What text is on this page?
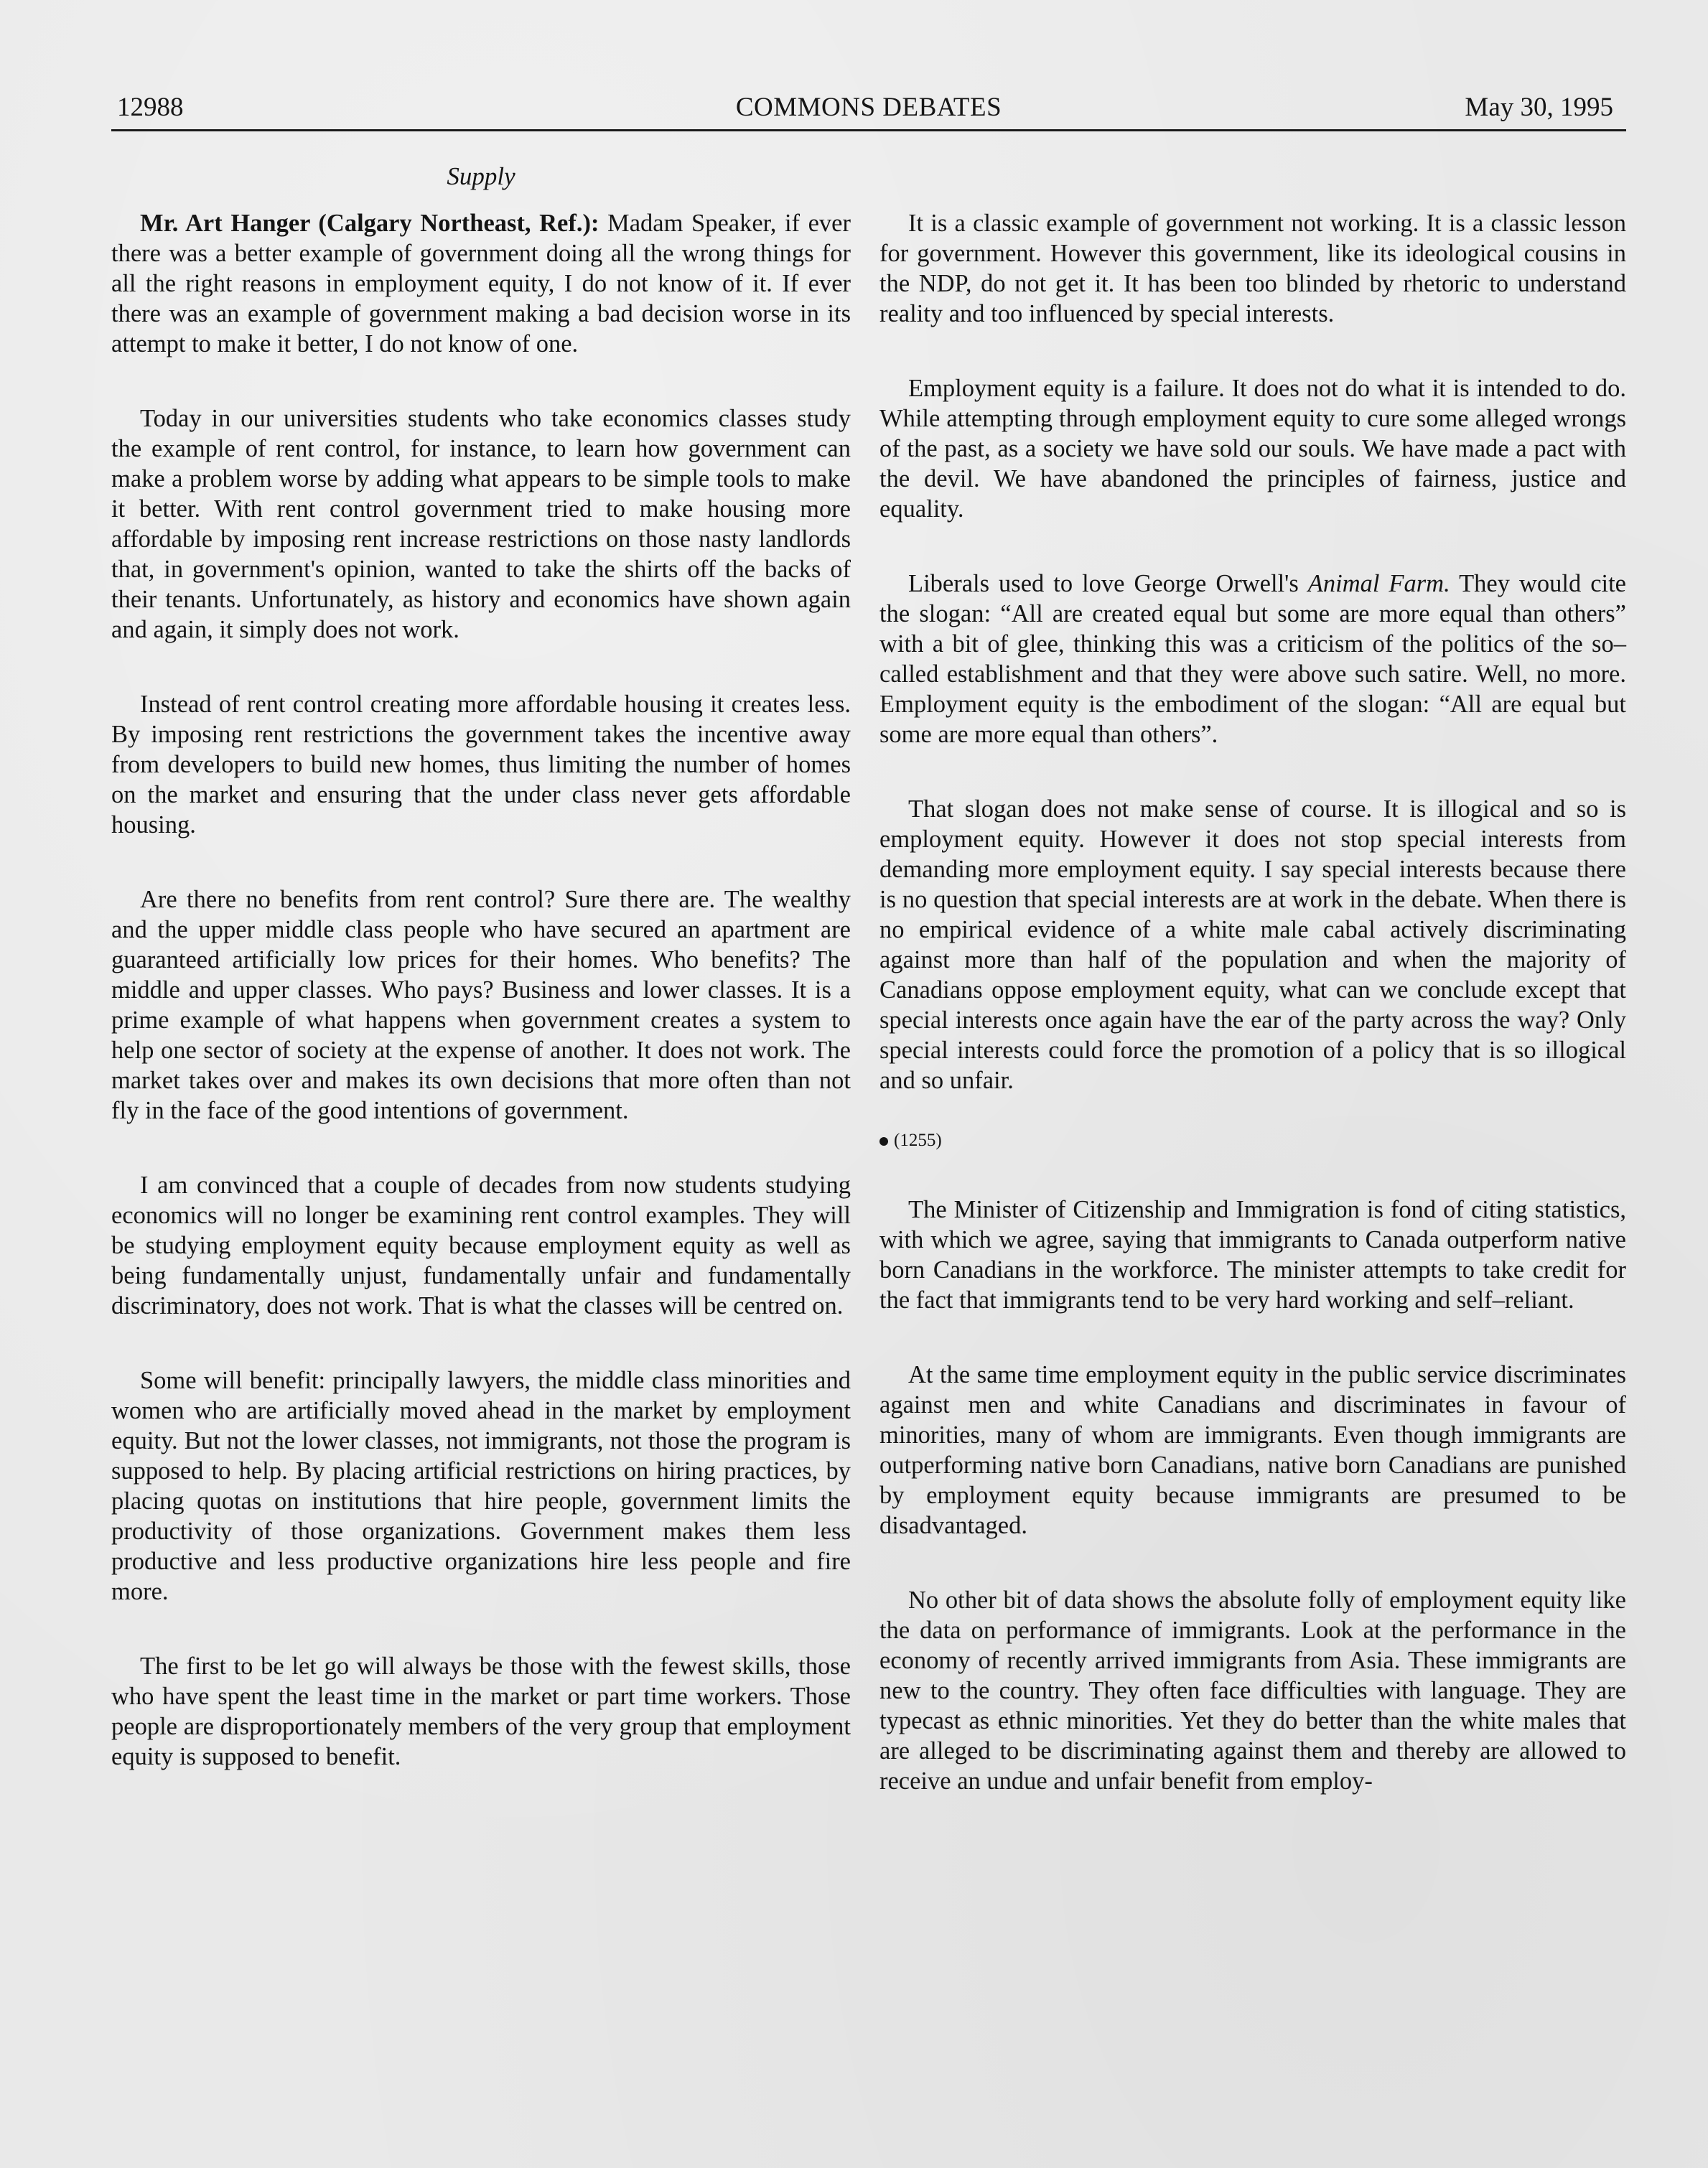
12988	COMMONS DEBATES	May 30, 1995
Supply

Mr. Art Hanger (Calgary Northeast, Ref.): Madam Speaker, if ever there was a better example of government doing all the wrong things for all the right reasons in employment equity, I do not know of it. If ever there was an example of government making a bad decision worse in its attempt to make it better, I do not know of one.

Today in our universities students who take economics classes study the example of rent control, for instance, to learn how government can make a problem worse by adding what appears to be simple tools to make it better. With rent control government tried to make housing more affordable by imposing rent increase restrictions on those nasty landlords that, in government's opinion, wanted to take the shirts off the backs of their tenants. Unfortunately, as history and economics have shown again and again, it simply does not work.

Instead of rent control creating more affordable housing it creates less. By imposing rent restrictions the government takes the incentive away from developers to build new homes, thus limiting the number of homes on the market and ensuring that the under class never gets affordable housing.

Are there no benefits from rent control? Sure there are. The wealthy and the upper middle class people who have secured an apartment are guaranteed artificially low prices for their homes. Who benefits? The middle and upper classes. Who pays? Business and lower classes. It is a prime example of what happens when government creates a system to help one sector of society at the expense of another. It does not work. The market takes over and makes its own decisions that more often than not fly in the face of the good intentions of government.

I am convinced that a couple of decades from now students studying economics will no longer be examining rent control examples. They will be studying employment equity because employment equity as well as being fundamentally unjust, fundamentally unfair and fundamentally discriminatory, does not work. That is what the classes will be centred on.

Some will benefit: principally lawyers, the middle class minorities and women who are artificially moved ahead in the market by employment equity. But not the lower classes, not immigrants, not those the program is supposed to help. By placing artificial restrictions on hiring practices, by placing quotas on institutions that hire people, government limits the productivity of those organizations. Government makes them less productive and less productive organizations hire less people and fire more.

The first to be let go will always be those with the fewest skills, those who have spent the least time in the market or part time workers. Those people are disproportionately members of the very group that employment equity is supposed to benefit.

It is a classic example of government not working. It is a classic lesson for government. However this government, like its ideological cousins in the NDP, do not get it. It has been too blinded by rhetoric to understand reality and too influenced by special interests.

Employment equity is a failure. It does not do what it is intended to do. While attempting through employment equity to cure some alleged wrongs of the past, as a society we have sold our souls. We have made a pact with the devil. We have abandoned the principles of fairness, justice and equality.

Liberals used to love George Orwell's Animal Farm. They would cite the slogan: “All are created equal but some are more equal than others” with a bit of glee, thinking this was a criticism of the politics of the so–called establishment and that they were above such satire. Well, no more. Employment equity is the embodiment of the slogan: “All are equal but some are more equal than others”.

That slogan does not make sense of course. It is illogical and so is employment equity. However it does not stop special interests from demanding more employment equity. I say special interests because there is no question that special interests are at work in the debate. When there is no empirical evidence of a white male cabal actively discriminating against more than half of the population and when the majority of Canadians oppose employment equity, what can we conclude except that special interests once again have the ear of the party across the way? Only special interests could force the promotion of a policy that is so illogical and so unfair.

(1255)

The Minister of Citizenship and Immigration is fond of citing statistics, with which we agree, saying that immigrants to Canada outperform native born Canadians in the workforce. The minister attempts to take credit for the fact that immigrants tend to be very hard working and self–reliant.

At the same time employment equity in the public service discriminates against men and white Canadians and discriminates in favour of minorities, many of whom are immigrants. Even though immigrants are outperforming native born Canadians, native born Canadians are punished by employment equity because immigrants are presumed to be disadvantaged.

No other bit of data shows the absolute folly of employment equity like the data on performance of immigrants. Look at the performance in the economy of recently arrived immigrants from Asia. These immigrants are new to the country. They often face difficulties with language. They are typecast as ethnic minorities. Yet they do better than the white males that are alleged to be discriminating against them and thereby are allowed to receive an undue and unfair benefit from employ-
